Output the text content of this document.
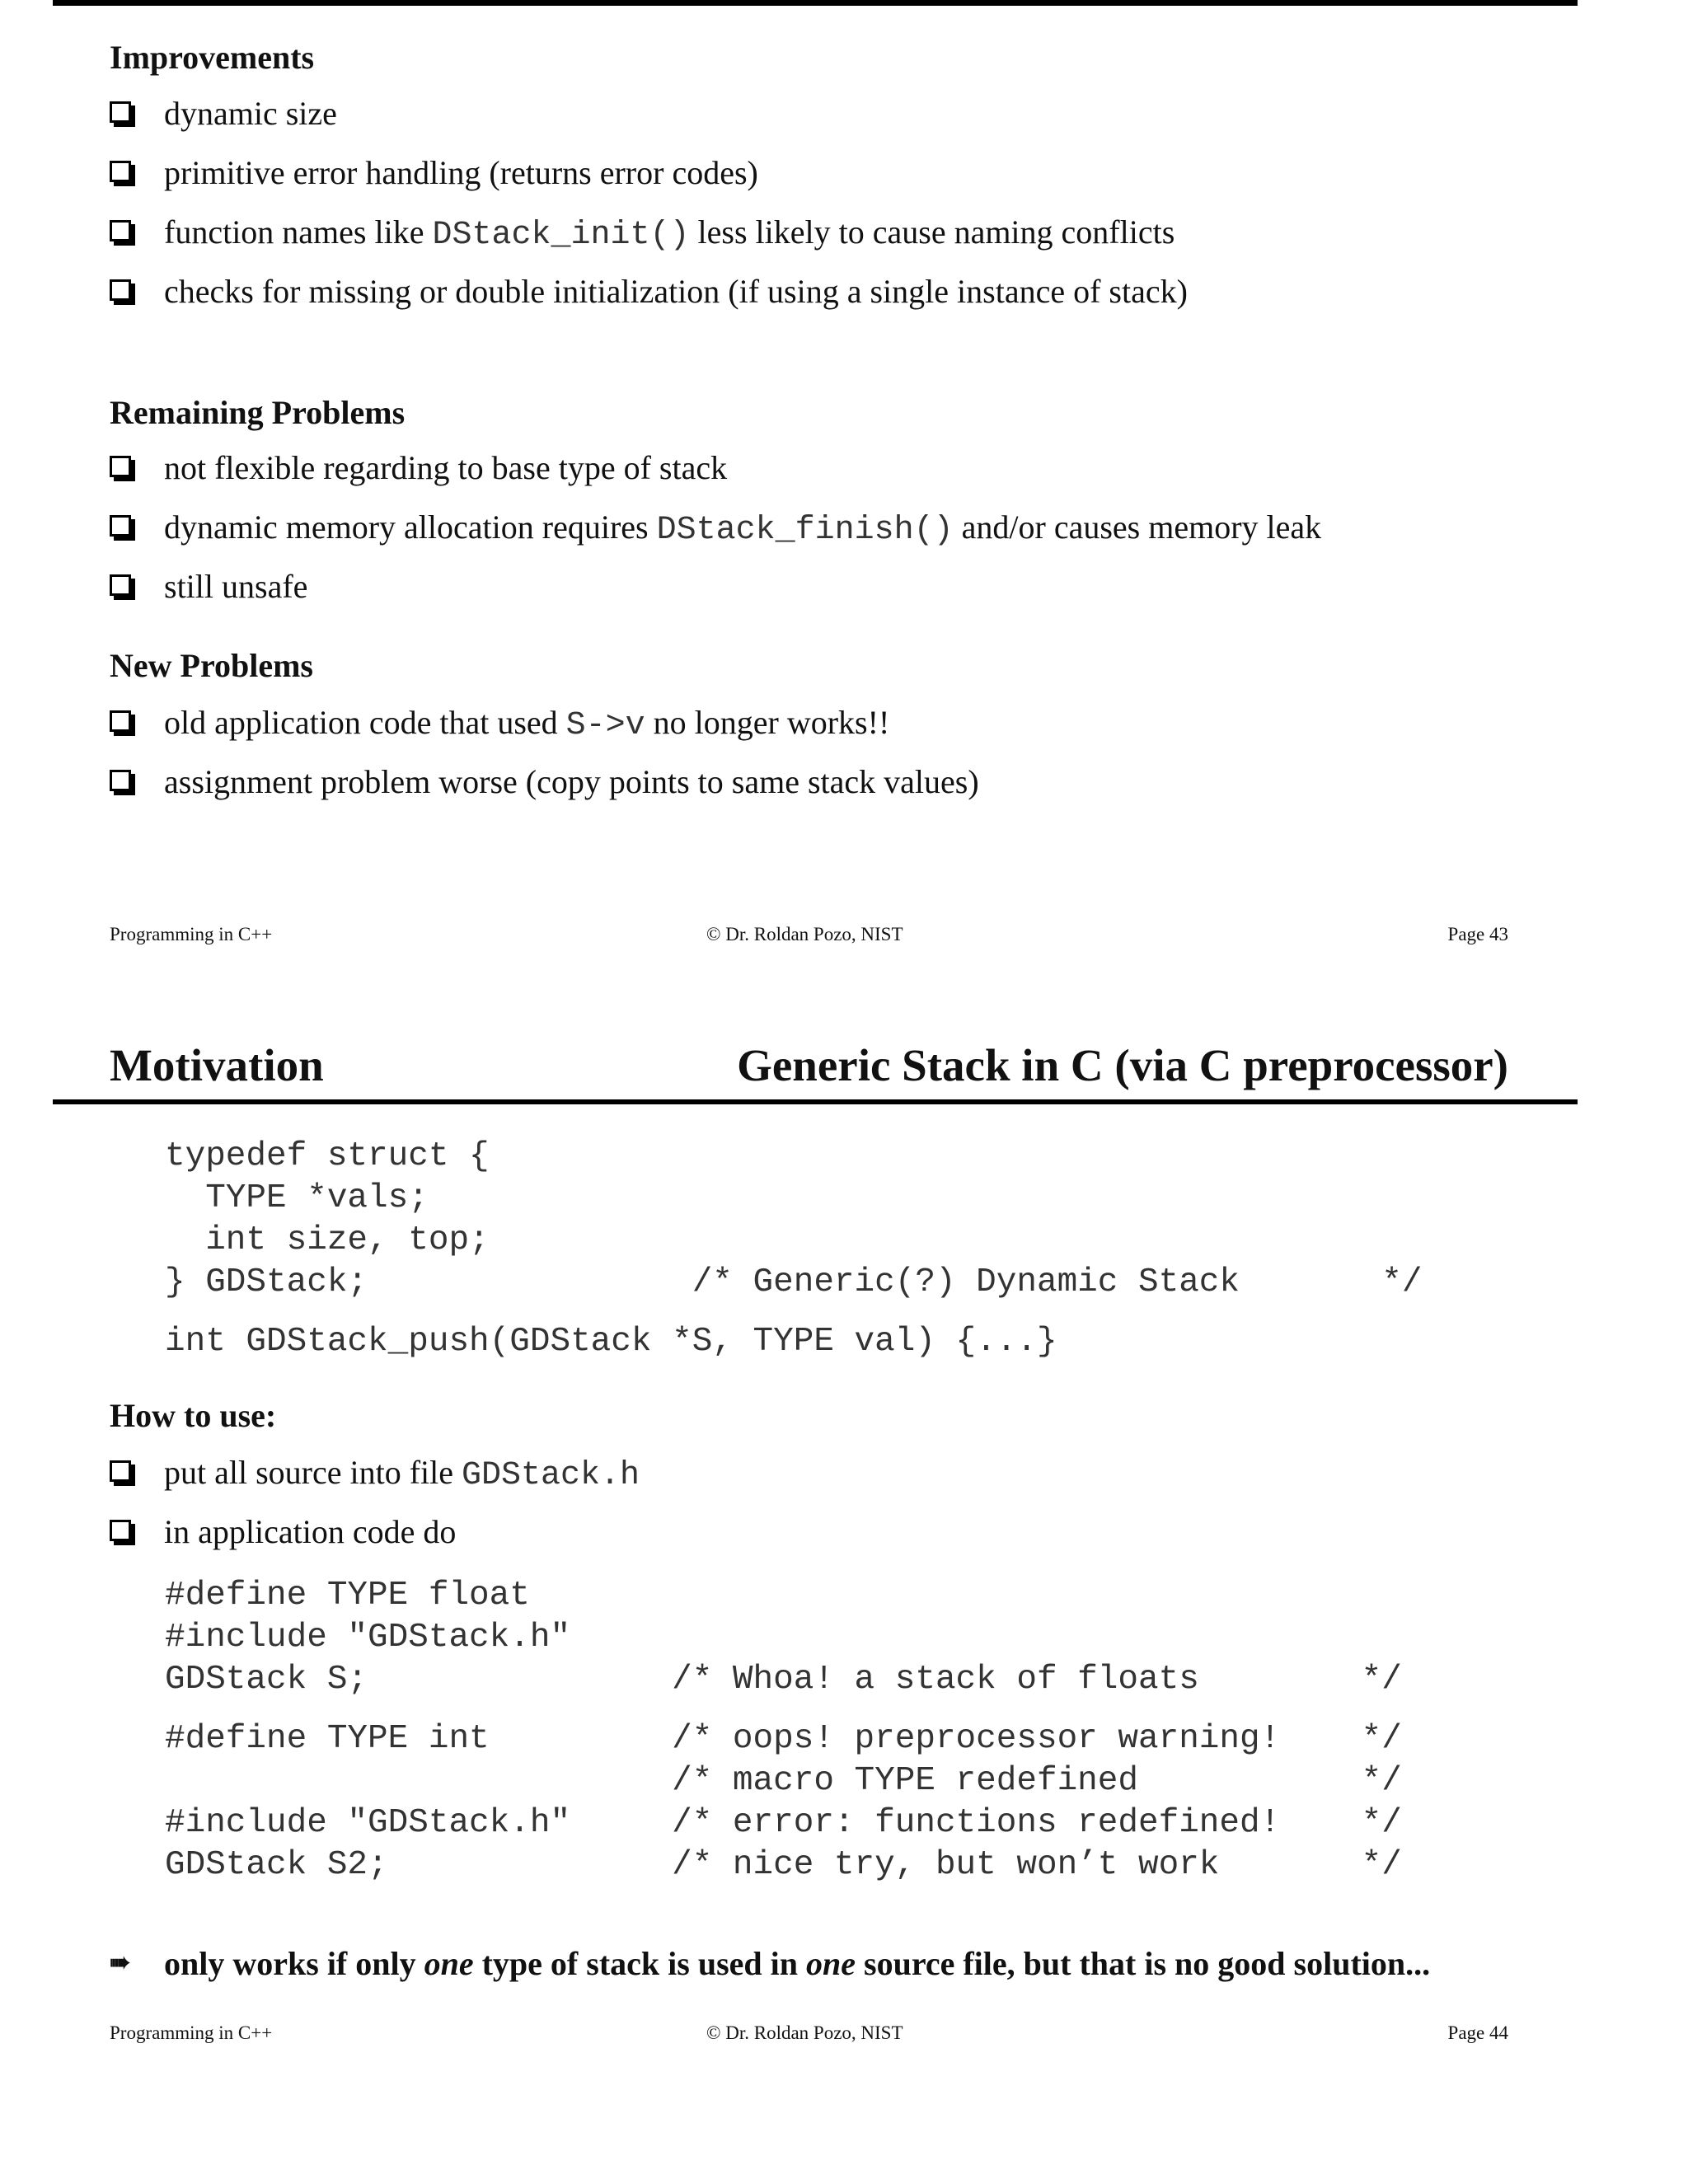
Improvements
dynamic size
primitive error handling (returns error codes)
function names like DStack_init() less likely to cause naming conflicts
checks for missing or double initialization (if using a single instance of stack)
Remaining Problems
not flexible regarding to base type of stack
dynamic memory allocation requires DStack_finish() and/or causes memory leak
still unsafe
New Problems
old application code that used S->v no longer works!!
assignment problem worse (copy points to same stack values)
Programming in C++	© Dr. Roldan Pozo, NIST	Page 43
Motivation	Generic Stack in C (via C preprocessor)
typedef struct {
TYPE *vals;
int size, top;
} GDStack;                /* Generic(?) Dynamic Stack       */
int GDStack_push(GDStack *S, TYPE val) {...}
How to use:
put all source into file GDStack.h
in application code do
#define TYPE float
#include "GDStack.h"
GDStack S;               /* Whoa! a stack of floats        */
#define TYPE int         /* oops! preprocessor warning!    */
/* macro TYPE redefined           */
#include "GDStack.h"     /* error: functions redefined!    */
GDStack S2;              /* nice try, but won’t work       */
➠ only works if only one type of stack is used in one source file, but that is no good solution...
Programming in C++	© Dr. Roldan Pozo, NIST	Page 44
